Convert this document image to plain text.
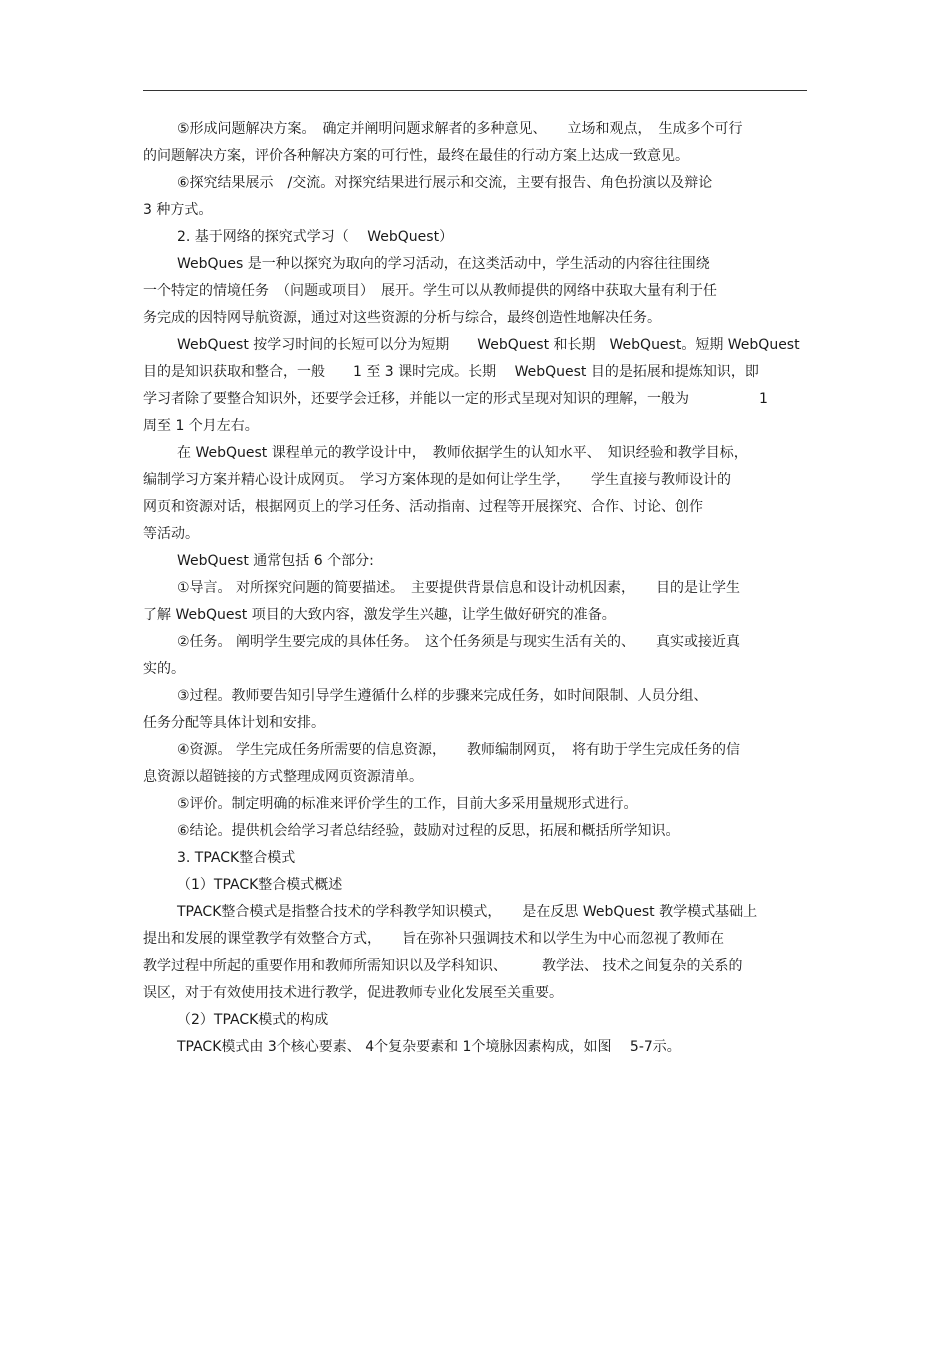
⑤形成问题解决方案。　确定并阐明问题求解者的多种意见、　　立场和观点，　生成多个可行
的问题解决方案，评价各种解决方案的可行性，最终在最佳的行动方案上达成一致意见。
⑥探究结果展示　/交流。对探究结果进行展示和交流，主要有报告、角色扮演以及辩论
3 种方式。
2. 基于网络的探究式学习（　 WebQuest）
WebQues 是一种以探究为取向的学习活动，在这类活动中，学生活动的内容往往围绕
一个特定的情境任务　（问题或项目）　展开。学生可以从教师提供的网络中获取大量有利于任
务完成的因特网导航资源，通过对这些资源的分析与综合，最终创造性地解决任务。
WebQuest 按学习时间的长短可以分为短期　　WebQuest 和长期　WebQuest。短期 WebQuest
目的是知识获取和整合，一般　　1 至 3 课时完成。长期　 WebQuest 目的是拓展和提炼知识，即
学习者除了要整合知识外，还要学会迁移，并能以一定的形式呈现对知识的理解，一般为　　　　　1
周至 1 个月左右。
在 WebQuest 课程单元的教学设计中，　教师依据学生的认知水平、　知识经验和教学目标，
编制学习方案并精心设计成网页。　学习方案体现的是如何让学生学，　　学生直接与教师设计的
网页和资源对话，根据网页上的学习任务、活动指南、过程等开展探究、合作、讨论、创作
等活动。
WebQuest 通常包括 6 个部分:
①导言。 对所探究问题的简要描述。　主要提供背景信息和设计动机因素，　　目的是让学生
了解 WebQuest 项目的大致内容，激发学生兴趣，让学生做好研究的准备。
②任务。 阐明学生要完成的具体任务。　这个任务须是与现实生活有关的、　　真实或接近真
实的。
③过程。教师要告知引导学生遵循什么样的步骤来完成任务，如时间限制、人员分组、
任务分配等具体计划和安排。
④资源。 学生完成任务所需要的信息资源，　　教师编制网页，　将有助于学生完成任务的信
息资源以超链接的方式整理成网页资源清单。
⑤评价。制定明确的标准来评价学生的工作，目前大多采用量规形式进行。
⑥结论。提供机会给学习者总结经验，鼓励对过程的反思，拓展和概括所学知识。
3. TPACK整合模式
（1）TPACK整合模式概述
TPACK整合模式是指整合技术的学科教学知识模式，　　是在反思 WebQuest 教学模式基础上
提出和发展的课堂教学有效整合方式，　　旨在弥补只强调技术和以学生为中心而忽视了教师在
教学过程中所起的重要作用和教师所需知识以及学科知识、　　　教学法、 技术之间复杂的关系的
误区，对于有效使用技术进行教学，促进教师专业化发展至关重要。
（2）TPACK模式的构成
TPACK模式由 3个核心要素、 4个复杂要素和 1个境脉因素构成，如图　 5-7示。
